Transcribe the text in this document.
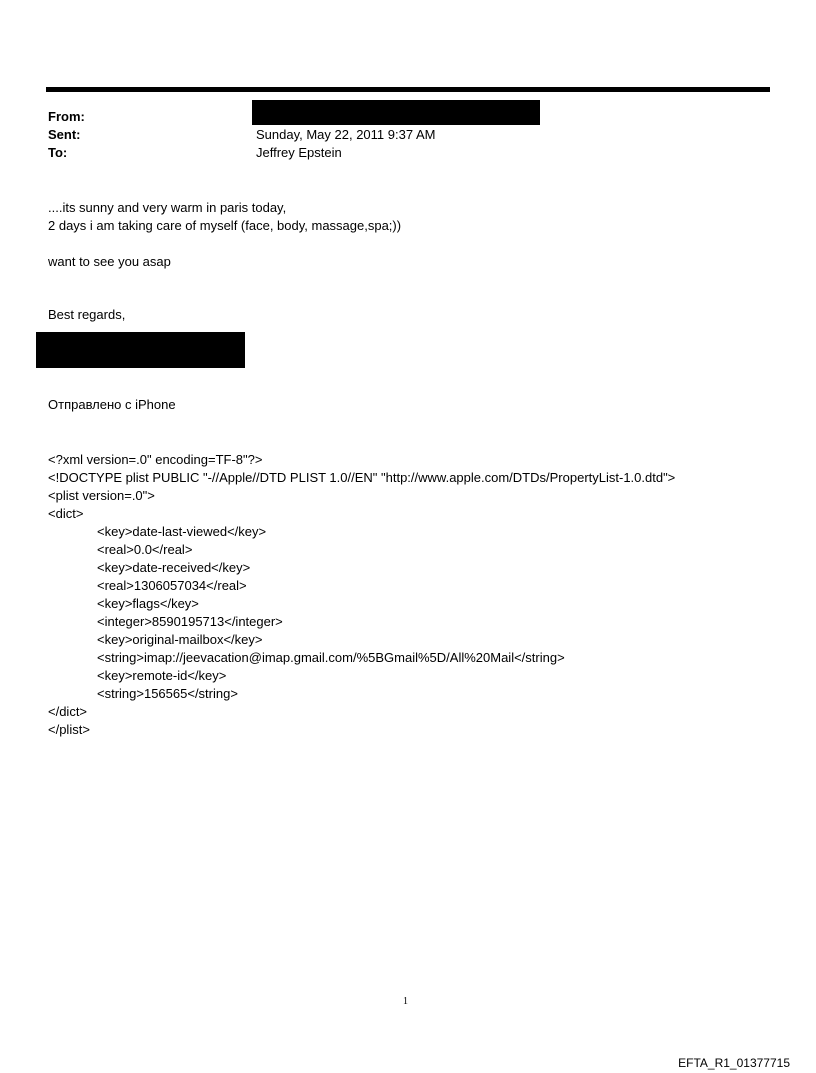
From:
Sent:	Sunday, May 22, 2011 9:37 AM
To:	Jeffrey Epstein
....its sunny and very warm in paris today,
2 days i am taking care of myself (face, body, massage,spa;))
want to see you asap
Best regards,
Отправлено с iPhone
<?xml version=.0" encoding=TF-8"?>
<!DOCTYPE plist PUBLIC "-//Apple//DTD PLIST 1.0//EN" "http://www.apple.com/DTDs/PropertyList-1.0.dtd">
<plist version=.0">
<dict>
<key>date-last-viewed</key>
<real>0.0</real>
<key>date-received</key>
<real>1306057034</real>
<key>flags</key>
<integer>8590195713</integer>
<key>original-mailbox</key>
<string>imap://jeevacation@imap.gmail.com/%5BGmail%5D/All%20Mail</string>
<key>remote-id</key>
<string>156565</string>
</dict>
</plist>
1
EFTA_R1_01377715
